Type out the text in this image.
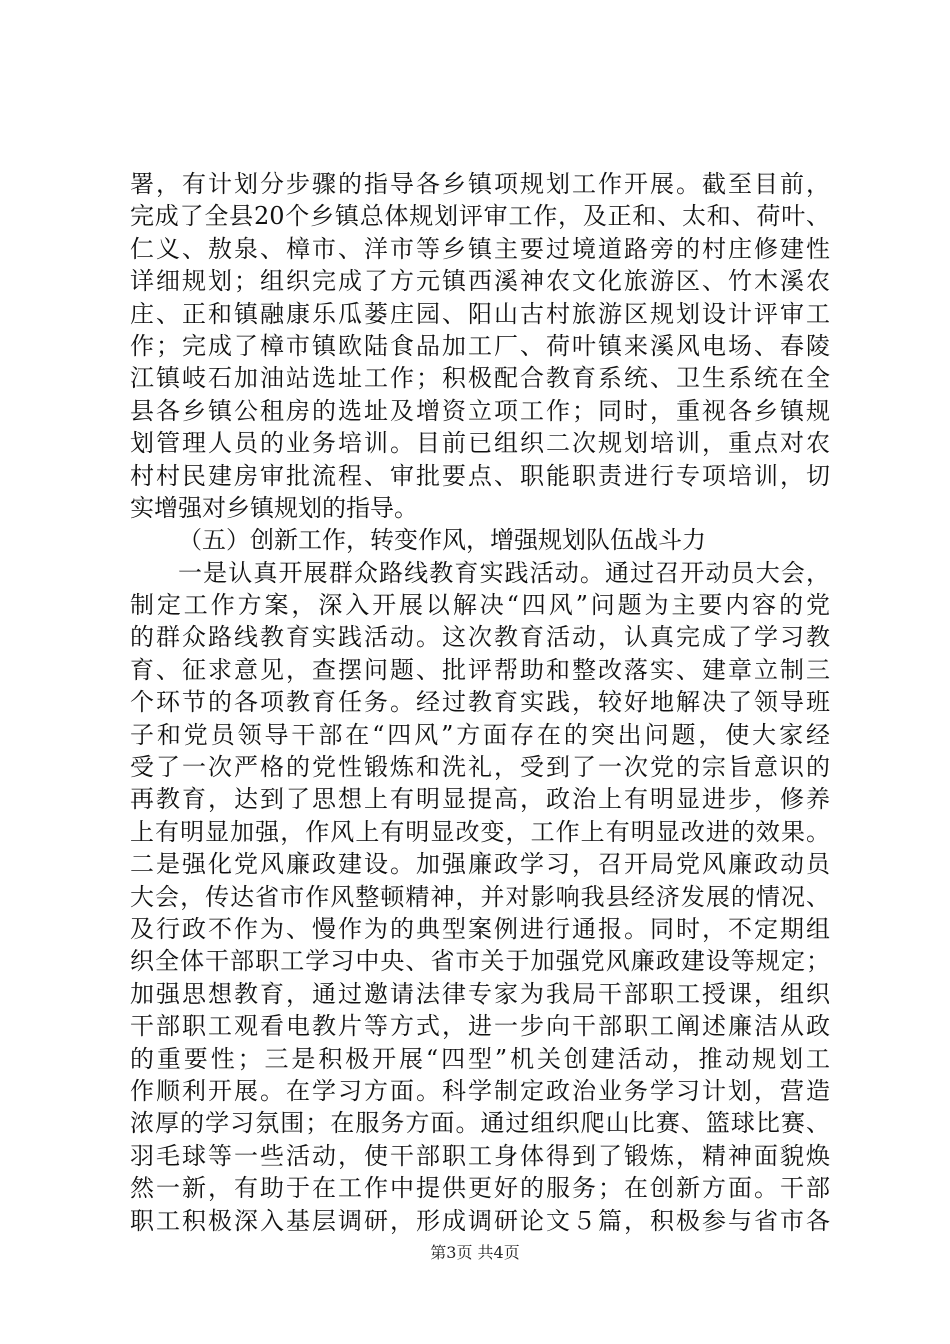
署，有计划分步骤的指导各乡镇项规划工作开展。截至目前，
完成了全县20个乡镇总体规划评审工作，及正和、太和、荷叶、
仁义、敖泉、樟市、洋市等乡镇主要过境道路旁的村庄修建性
详细规划；组织完成了方元镇西溪神农文化旅游区、竹木溪农
庄、正和镇融康乐瓜蒌庄园、阳山古村旅游区规划设计评审工
作；完成了樟市镇欧陆食品加工厂、荷叶镇来溪风电场、春陵
江镇岐石加油站选址工作；积极配合教育系统、卫生系统在全
县各乡镇公租房的选址及增资立项工作；同时，重视各乡镇规
划管理人员的业务培训。目前已组织二次规划培训，重点对农
村村民建房审批流程、审批要点、职能职责进行专项培训，切
实增强对乡镇规划的指导。
（五）创新工作，转变作风，增强规划队伍战斗力
一是认真开展群众路线教育实践活动。通过召开动员大会，
制定工作方案，深入开展以解决“四风”问题为主要内容的党
的群众路线教育实践活动。这次教育活动，认真完成了学习教
育、征求意见，查摆问题、批评帮助和整改落实、建章立制三
个环节的各项教育任务。经过教育实践，较好地解决了领导班
子和党员领导干部在“四风”方面存在的突出问题，使大家经
受了一次严格的党性锻炼和洗礼，受到了一次党的宗旨意识的
再教育，达到了思想上有明显提高，政治上有明显进步，修养
上有明显加强，作风上有明显改变，工作上有明显改进的效果。
二是强化党风廉政建设。加强廉政学习，召开局党风廉政动员
大会，传达省市作风整顿精神，并对影响我县经济发展的情况、
及行政不作为、慢作为的典型案例进行通报。同时，不定期组
织全体干部职工学习中央、省市关于加强党风廉政建设等规定；
加强思想教育，通过邀请法律专家为我局干部职工授课，组织
干部职工观看电教片等方式，进一步向干部职工阐述廉洁从政
的重要性；三是积极开展“四型”机关创建活动，推动规划工
作顺利开展。在学习方面。科学制定政治业务学习计划，营造
浓厚的学习氛围；在服务方面。通过组织爬山比赛、篮球比赛、
羽毛球等一些活动，使干部职工身体得到了锻炼，精神面貌焕
然一新，有助于在工作中提供更好的服务；在创新方面。干部
职工积极深入基层调研，形成调研论文５篇，积极参与省市各
第3页 共4页
